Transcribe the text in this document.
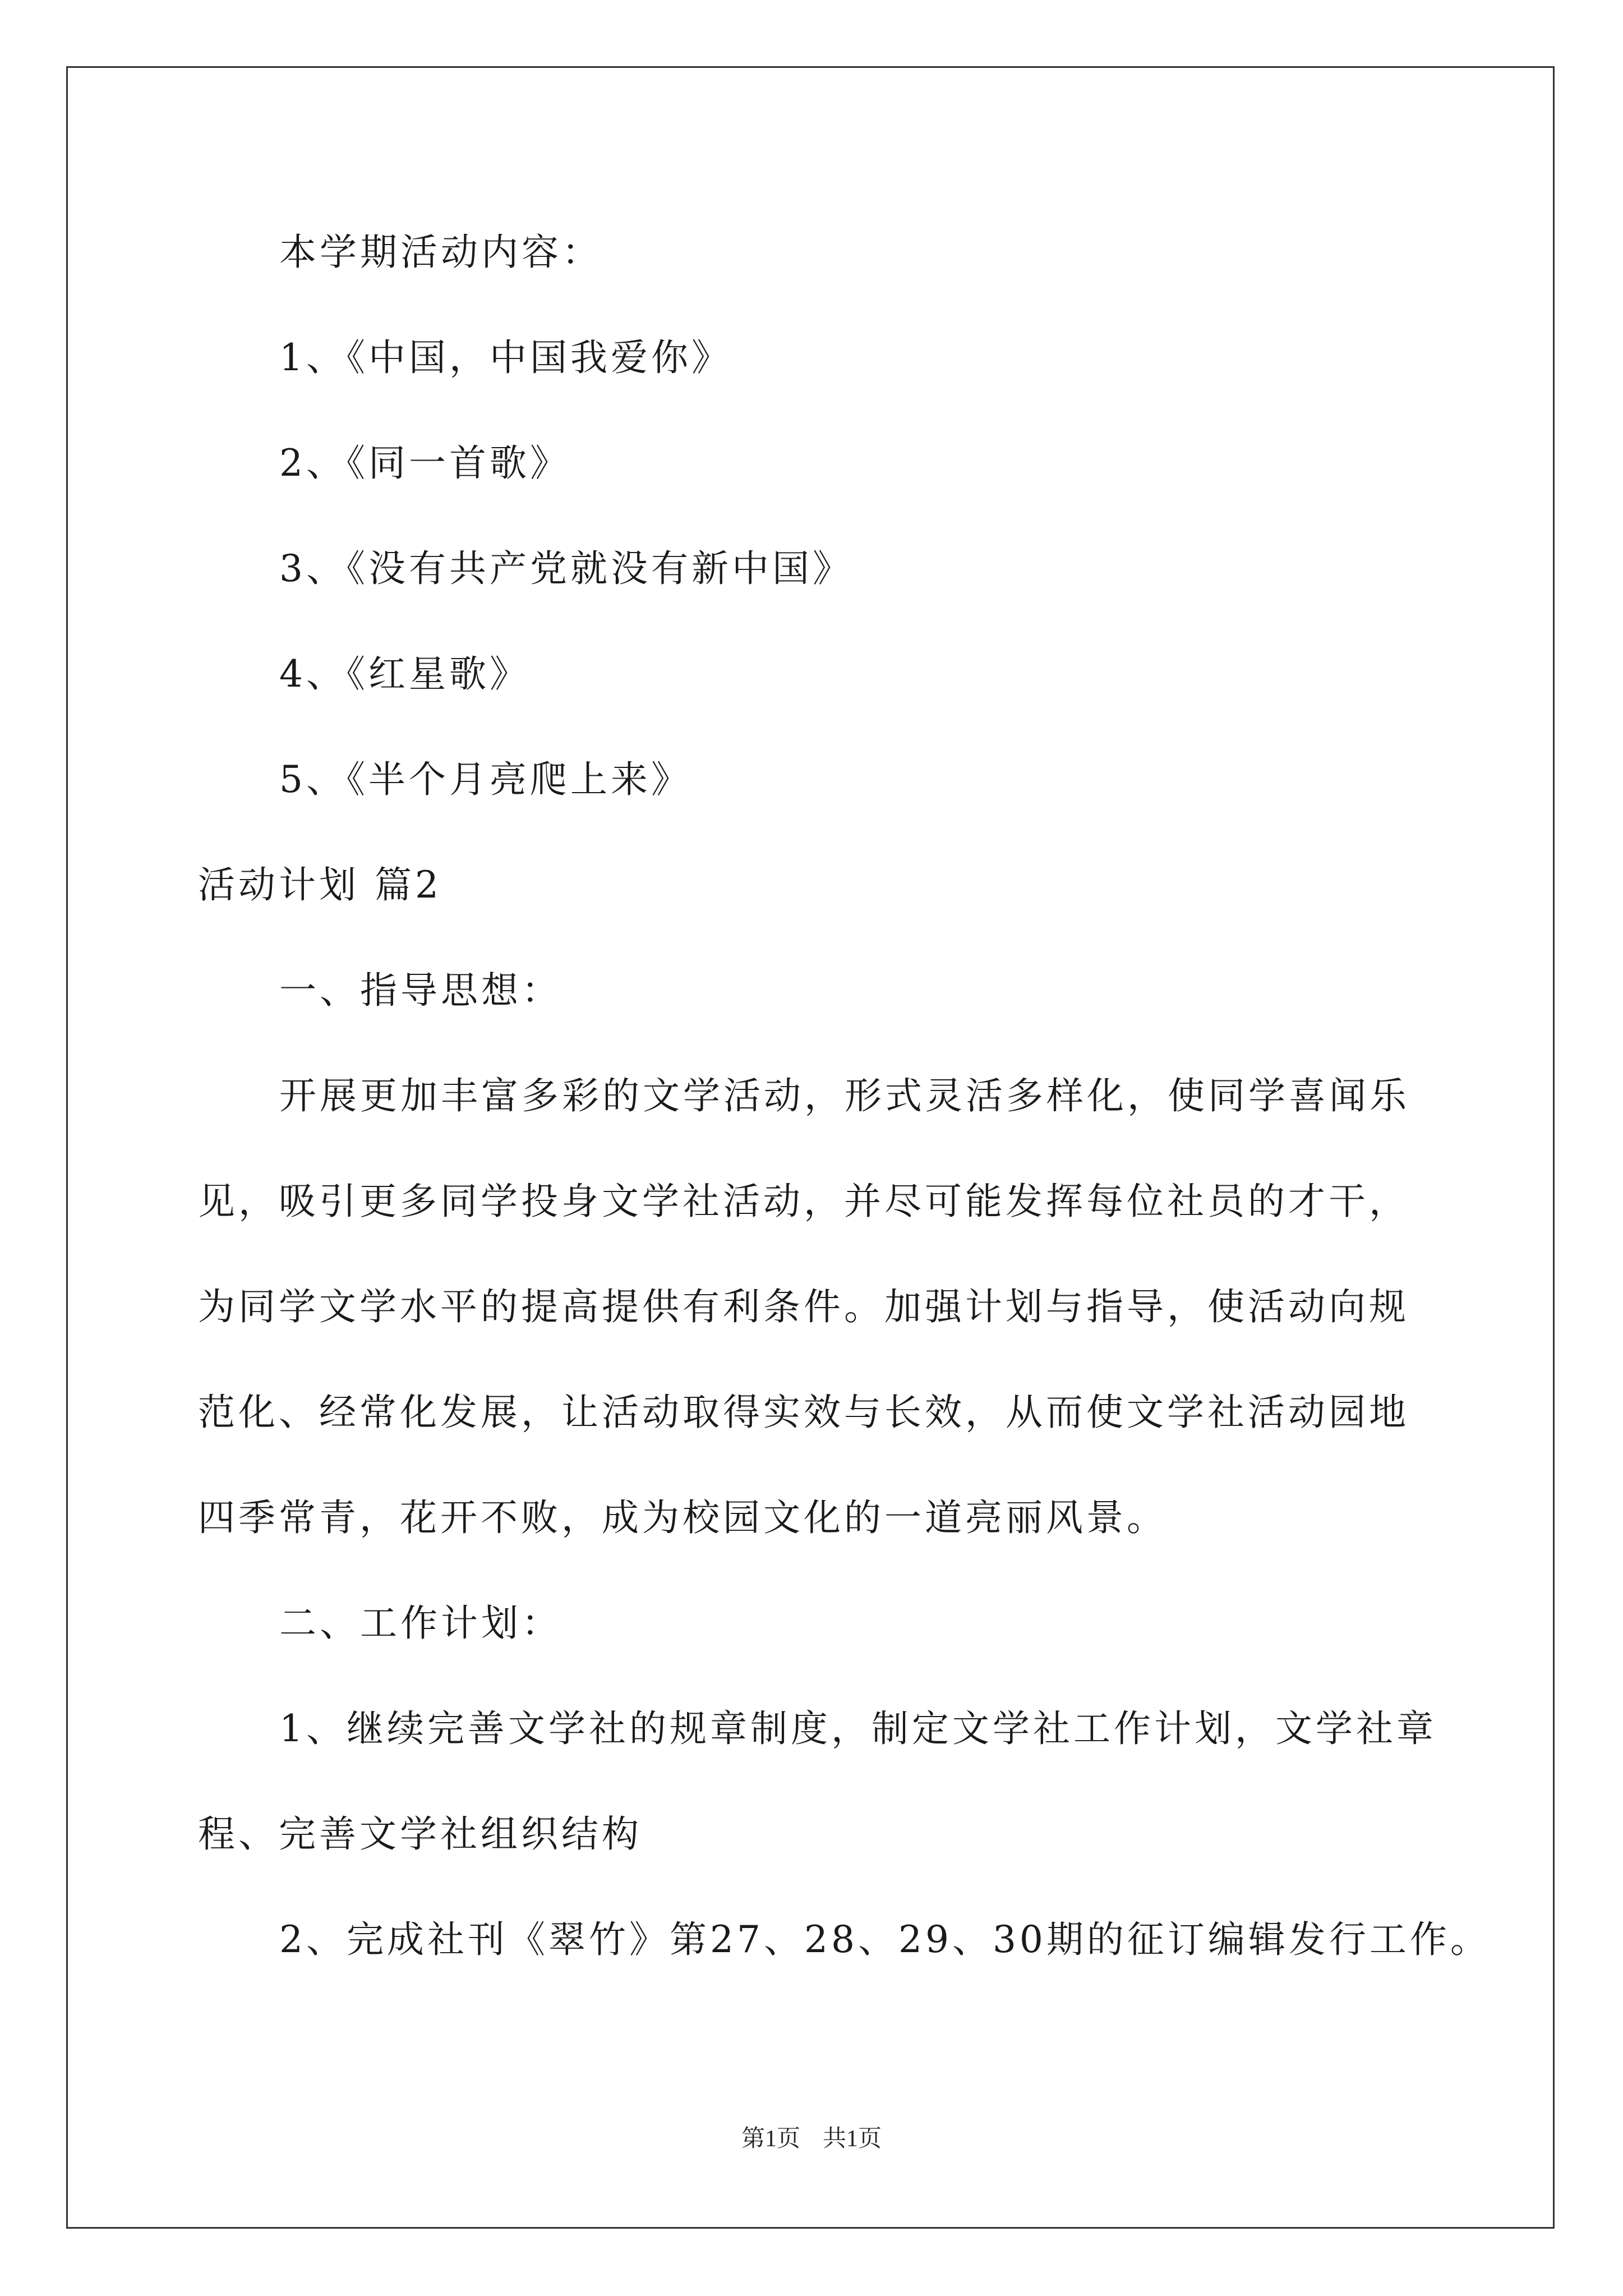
本学期活动内容：
1、《中国，中国我爱你》
2、《同一首歌》
3、《没有共产党就没有新中国》
4、《红星歌》
5、《半个月亮爬上来》
活动计划 篇2
一、指导思想：
开展更加丰富多彩的文学活动，形式灵活多样化，使同学喜闻乐
见，吸引更多同学投身文学社活动，并尽可能发挥每位社员的才干，
为同学文学水平的提高提供有利条件。加强计划与指导，使活动向规
范化、经常化发展，让活动取得实效与长效，从而使文学社活动园地
四季常青，花开不败，成为校园文化的一道亮丽风景。
二、工作计划：
1、继续完善文学社的规章制度，制定文学社工作计划，文学社章
程、完善文学社组织结构
2、完成社刊《翠竹》第27、28、29、30期的征订编辑发行工作。
第1页 共1页
